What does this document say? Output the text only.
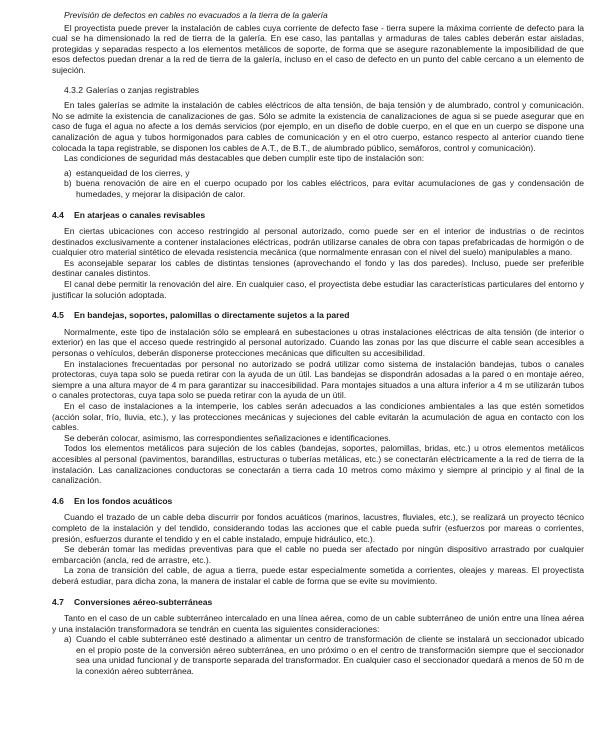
Previsión de defectos en cables no evacuados a la tierra de la galería

El proyectista puede prever la instalación de cables cuya corriente de defecto fase - tierra supere la máxima corriente de defecto para la cual se ha dimensionado la red de tierra de la galería. En ese caso, las pantallas y armaduras de tales cables deberán estar aisladas, protegidas y separadas respecto a los elementos metálicos de soporte, de forma que se asegure razonablemente la imposibilidad de que esos defectos puedan drenar a la red de tierra de la galería, incluso en el caso de defecto en un punto del cable cercano a un elemento de sujeción.

4.3.2 Galerías o zanjas registrables

En tales galerías se admite la instalación de cables eléctricos de alta tensión, de baja tensión y de alumbrado, control y comunicación. No se admite la existencia de canalizaciones de gas. Sólo se admite la existencia de canalizaciones de agua si se puede asegurar que en caso de fuga el agua no afecte a los demás servicios (por ejemplo, en un diseño de doble cuerpo, en el que en un cuerpo se dispone una canalización de agua y tubos hormigonados para cables de comunicación y en el otro cuerpo, estanco respecto al anterior cuando tiene colocada la tapa registrable, se disponen los cables de A.T., de B.T., de alumbrado público, semáforos, control y comunicación).

Las condiciones de seguridad más destacables que deben cumplir este tipo de instalación son:

a) estanqueidad de los cierres, y

b) buena renovación de aire en el cuerpo ocupado por los cables eléctricos, para evitar acumulaciones de gas y condensación de humedades, y mejorar la disipación de calor.

4.4 En atarjeas o canales revisables

En ciertas ubicaciones con acceso restringido al personal autorizado, como puede ser en el interior de industrias o de recintos destinados exclusivamente a contener instalaciones eléctricas, podrán utilizarse canales de obra con tapas prefabricadas de hormigón o de cualquier otro material sintético de elevada resistencia mecánica (que normalmente enrasan con el nivel del suelo) manipulables a mano.

Es aconsejable separar los cables de distintas tensiones (aprovechando el fondo y las dos paredes). Incluso, puede ser preferible destinar canales distintos.

El canal debe permitir la renovación del aire. En cualquier caso, el proyectista debe estudiar las características particulares del entorno y justificar la solución adoptada.

4.5 En bandejas, soportes, palomillas o directamente sujetos a la pared

Normalmente, este tipo de instalación sólo se empleará en subestaciones u otras instalaciones eléctricas de alta tensión (de interior o exterior) en las que el acceso quede restringido al personal autorizado. Cuando las zonas por las que discurre el cable sean accesibles a personas o vehículos, deberán disponerse protecciones mecánicas que dificulten su accesibilidad.

En instalaciones frecuentadas por personal no autorizado se podrá utilizar como sistema de instalación bandejas, tubos o canales protectoras, cuya tapa solo se pueda retirar con la ayuda de un útil. Las bandejas se dispondrán adosadas a la pared o en montaje aéreo, siempre a una altura mayor de 4 m para garantizar su inaccesibilidad. Para montajes situados a una altura inferior a 4 m se utilizarán tubos o canales protectoras, cuya tapa solo se pueda retirar con la ayuda de un útil.

En el caso de instalaciones a la intemperie, los cables serán adecuados a las condiciones ambientales a las que estén sometidos (acción solar, frío, lluvia, etc.), y las protecciones mecánicas y sujeciones del cable evitarán la acumulación de agua en contacto con los cables.

Se deberán colocar, asimismo, las correspondientes señalizaciones e identificaciones.

Todos los elementos metálicos para sujeción de los cables (bandejas, soportes, palomillas, bridas, etc.) u otros elementos metálicos accesibles al personal (pavimentos, barandillas, estructuras o tuberías metálicas, etc.) se conectarán eléctricamente a la red de tierra de la instalación. Las canalizaciones conductoras se conectarán a tierra cada 10 metros como máximo y siempre al principio y al final de la canalización.

4.6 En los fondos acuáticos

Cuando el trazado de un cable deba discurrir por fondos acuáticos (marinos, lacustres, fluviales, etc.), se realizará un proyecto técnico completo de la instalación y del tendido, considerando todas las acciones que el cable pueda sufrir (esfuerzos por mareas o corrientes, presión, esfuerzos durante el tendido y en el cable instalado, empuje hidráulico, etc.).

Se deberán tomar las medidas preventivas para que el cable no pueda ser afectado por ningún dispositivo arrastrado por cualquier embarcación (ancla, red de arrastre, etc.).

La zona de transición del cable, de agua a tierra, puede estar especialmente sometida a corrientes, oleajes y mareas. El proyectista deberá estudiar, para dicha zona, la manera de instalar el cable de forma que se evite su movimiento.

4.7 Conversiones aéreo-subterráneas

Tanto en el caso de un cable subterráneo intercalado en una línea aérea, como de un cable subterráneo de unión entre una línea aérea y una instalación transformadora se tendrán en cuenta las siguientes consideraciones:

a) Cuando el cable subterráneo esté destinado a alimentar un centro de transformación de cliente se instalará un seccionador ubicado en el propio poste de la conversión aéreo subterránea, en uno próximo o en el centro de transformación siempre que el seccionador sea una unidad funcional y de transporte separada del transformador. En cualquier caso el seccionador quedará a menos de 50 m de la conexión aéreo subterránea.
